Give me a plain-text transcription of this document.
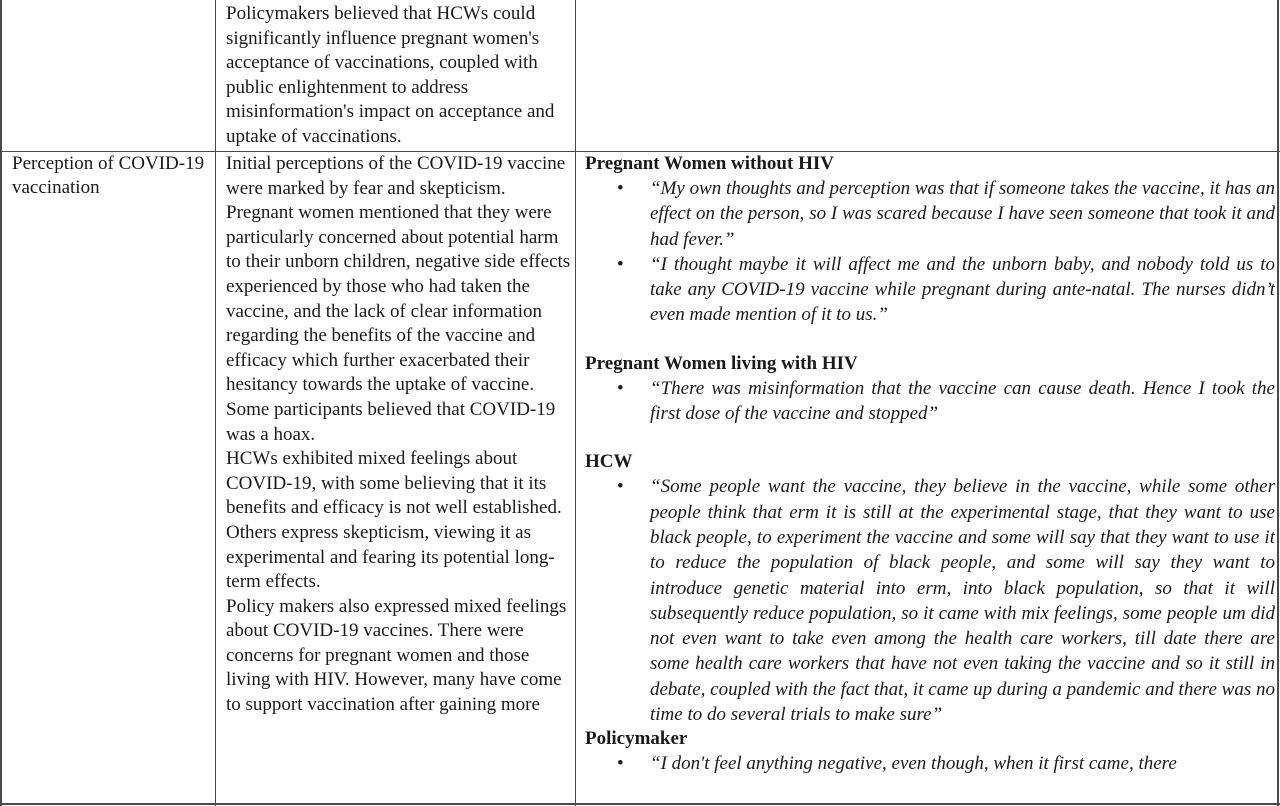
Policymakers believed that HCWs could significantly influence pregnant women's acceptance of vaccinations, coupled with public enlightenment to address misinformation's impact on acceptance and uptake of vaccinations.

Perception of COVID-19 vaccination

Initial perceptions of the COVID-19 vaccine were marked by fear and skepticism. Pregnant women mentioned that they were particularly concerned about potential harm to their unborn children, negative side effects experienced by those who had taken the vaccine, and the lack of clear information regarding the benefits of the vaccine and efficacy which further exacerbated their hesitancy towards the uptake of vaccine. Some participants believed that COVID-19 was a hoax.

HCWs exhibited mixed feelings about COVID-19, with some believing that it its benefits and efficacy is not well established. Others express skepticism, viewing it as experimental and fearing its potential long-term effects.

Policy makers also expressed mixed feelings about COVID-19 vaccines. There were concerns for pregnant women and those living with HIV. However, many have come to support vaccination after gaining more

Pregnant Women without HIV
• “My own thoughts and perception was that if someone takes the vaccine, it has an effect on the person, so I was scared because I have seen someone that took it and had fever.”
• “I thought maybe it will affect me and the unborn baby, and nobody told us to take any COVID-19 vaccine while pregnant during ante-natal. The nurses didn’t even made mention of it to us.”
Pregnant Women living with HIV
• “There was misinformation that the vaccine can cause death. Hence I took the first dose of the vaccine and stopped”
HCW
• “Some people want the vaccine, they believe in the vaccine, while some other people think that erm it is still at the experimental stage, that they want to use black people, to experiment the vaccine and some will say that they want to use it to reduce the population of black people, and some will say they want to introduce genetic material into erm, into black population, so that it will subsequently reduce population, so it came with mix feelings, some people um did not even want to take even among the health care workers, till date there are some health care workers that have not even taking the vaccine and so it still in debate, coupled with the fact that, it came up during a pandemic and there was no time to do several trials to make sure”
Policymaker
• “I don't feel anything negative, even though, when it first came, there
